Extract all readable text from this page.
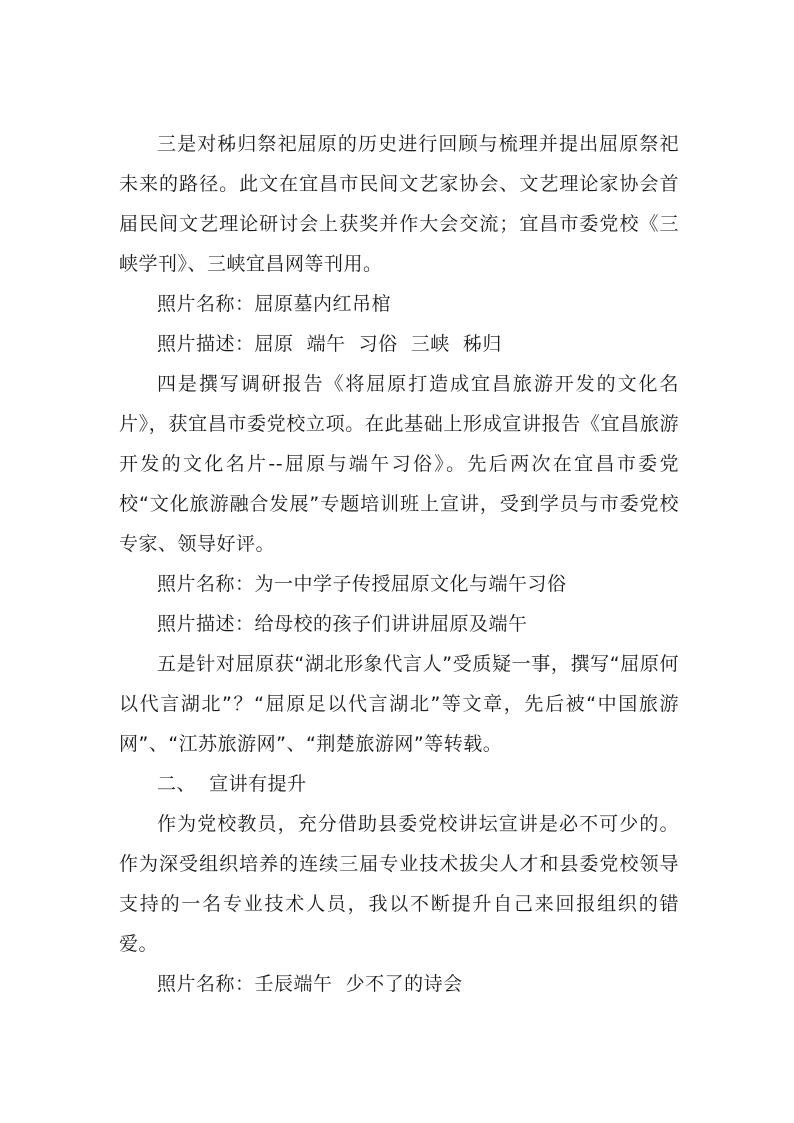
三是对秭归祭祀屈原的历史进行回顾与梳理并提出屈原祭祀未来的路径。此文在宜昌市民间文艺家协会、文艺理论家协会首届民间文艺理论研讨会上获奖并作大会交流；宜昌市委党校《三峡学刊》、三峡宜昌网等刊用。

照片名称：屈原墓内红吊棺

照片描述：屈原  端午  习俗  三峡  秭归

四是撰写调研报告《将屈原打造成宜昌旅游开发的文化名片》，获宜昌市委党校立项。在此基础上形成宣讲报告《宜昌旅游开发的文化名片--屈原与端午习俗》。先后两次在宜昌市委党校“文化旅游融合发展”专题培训班上宣讲，受到学员与市委党校专家、领导好评。

照片名称：为一中学子传授屈原文化与端午习俗

照片描述：给母校的孩子们讲讲屈原及端午

五是针对屈原获“湖北形象代言人”受质疑一事，撰写“屈原何以代言湖北”？“屈原足以代言湖北”等文章，先后被“中国旅游网”、“江苏旅游网”、“荆楚旅游网”等转载。

二、  宣讲有提升

作为党校教员，充分借助县委党校讲坛宣讲是必不可少的。作为深受组织培养的连续三届专业技术拔尖人才和县委党校领导支持的一名专业技术人员，我以不断提升自己来回报组织的错爱。

照片名称：壬辰端午  少不了的诗会
